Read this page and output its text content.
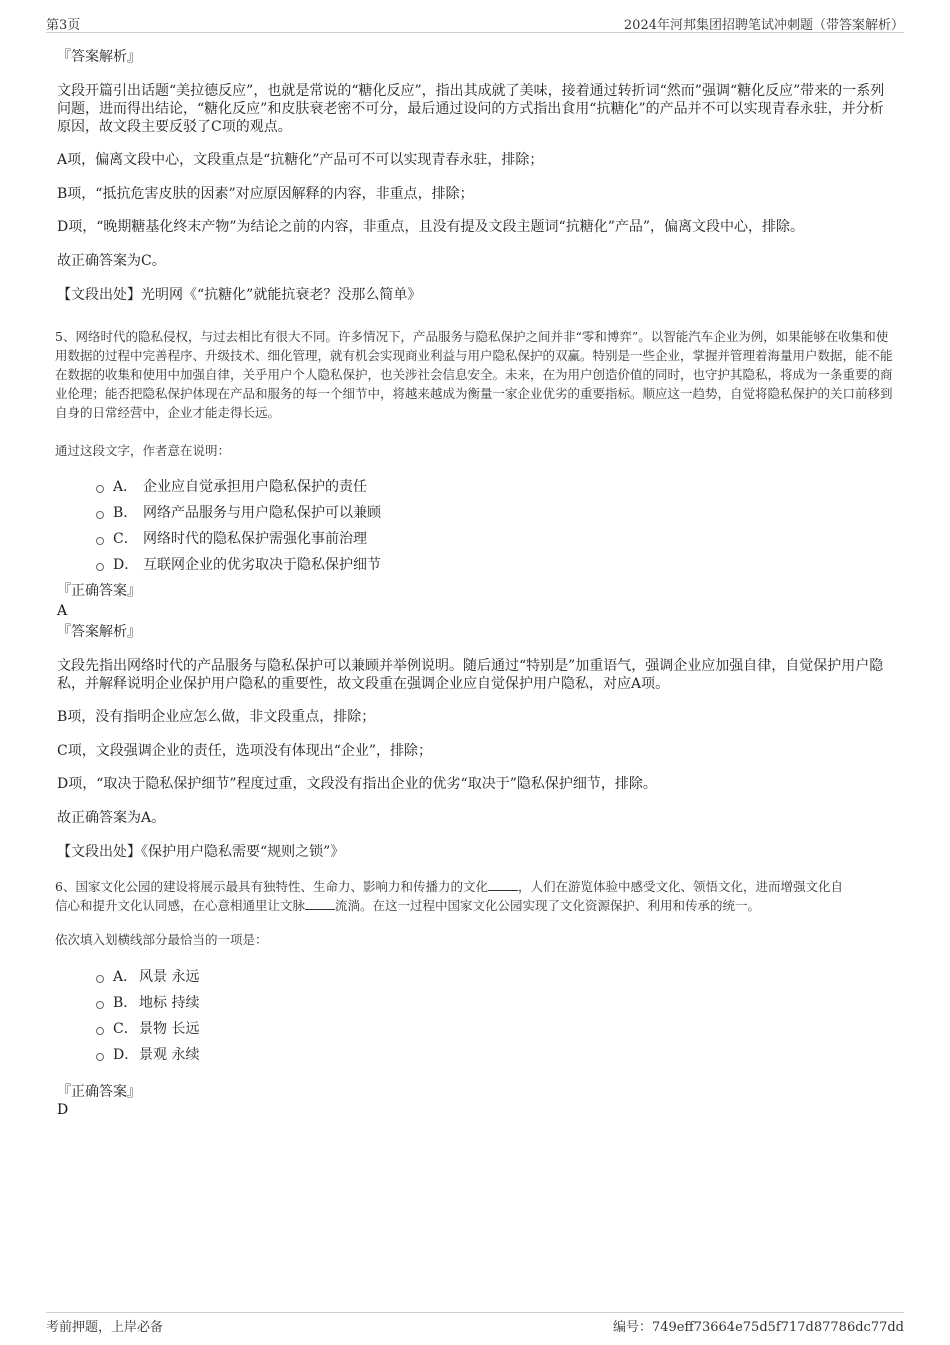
第3页	2024年河邦集团招聘笔试冲刺题（带答案解析）
『答案解析』
文段开篇引出话题“美拉德反应”，也就是常说的“糖化反应”，指出其成就了美味，接着通过转折词“然而”强调“糖化反应”带来的一系列问题，进而得出结论，“糖化反应”和皮肤衰老密不可分，最后通过设问的方式指出食用“抗糖化”的产品并不可以实现青春永驻，并分析原因，故文段主要反驳了C项的观点。
A项，偏离文段中心，文段重点是“抗糖化”产品可不可以实现青春永驻，排除；
B项，“抵抗危害皮肤的因素”对应原因解释的内容，非重点，排除；
D项，“晚期糖基化终末产物”为结论之前的内容，非重点，且没有提及文段主题词“抗糖化”产品”，偏离文段中心，排除。
故正确答案为C。
【文段出处】光明网《“抗糖化”就能抗衰老？没那么简单》
5、网络时代的隐私侵权，与过去相比有很大不同。许多情况下，产品服务与隐私保护之间并非“零和博弈”。以智能汽车企业为例，如果能够在收集和使用数据的过程中完善程序、升级技术、细化管理，就有机会实现商业利益与用户隐私保护的双赢。特别是一些企业，掌握并管理着海量用户数据，能不能在数据的收集和使用中加强自律，关乎用户个人隐私保护，也关涉社会信息安全。未来，在为用户创造价值的同时，也守护其隐私，将成为一条重要的商业伦理；能否把隐私保护体现在产品和服务的每一个细节中，将越来越成为衡量一家企业优劣的重要指标。顺应这一趋势，自觉将隐私保护的关口前移到自身的日常经营中，企业才能走得长远。
通过这段文字，作者意在说明：
A． 企业应自觉承担用户隐私保护的责任
B． 网络产品服务与用户隐私保护可以兼顾
C． 网络时代的隐私保护需强化事前治理
D． 互联网企业的优劣取决于隐私保护细节
『正确答案』
A
『答案解析』
文段先指出网络时代的产品服务与隐私保护可以兼顾并举例说明。随后通过“特别是”加重语气，强调企业应加强自律，自觉保护用户隐私，并解释说明企业保护用户隐私的重要性，故文段重在强调企业应自觉保护用户隐私，对应A项。
B项，没有指明企业应怎么做，非文段重点，排除；
C项，文段强调企业的责任，选项没有体现出“企业”，排除；
D项，“取决于隐私保护细节”程度过重，文段没有指出企业的优劣“取决于”隐私保护细节，排除。
故正确答案为A。
【文段出处】《保护用户隐私需要“规则之锁”》
6、国家文化公园的建设将展示最具有独特性、生命力、影响力和传播力的文化 ，人们在游览体验中感受文化、领悟文化，进而增强文化自
信心和提升文化认同感，在心意相通里让文脉 流淌。在这一过程中国家文化公园实现了文化资源保护、利用和传承的统一。
依次填入划横线部分最恰当的一项是：
A． 风景 永远
B． 地标 持续
C． 景物 长远
D． 景观 永续
『正确答案』
D
考前押题，上岸必备	编号：749eff73664e75d5f717d87786dc77dd
